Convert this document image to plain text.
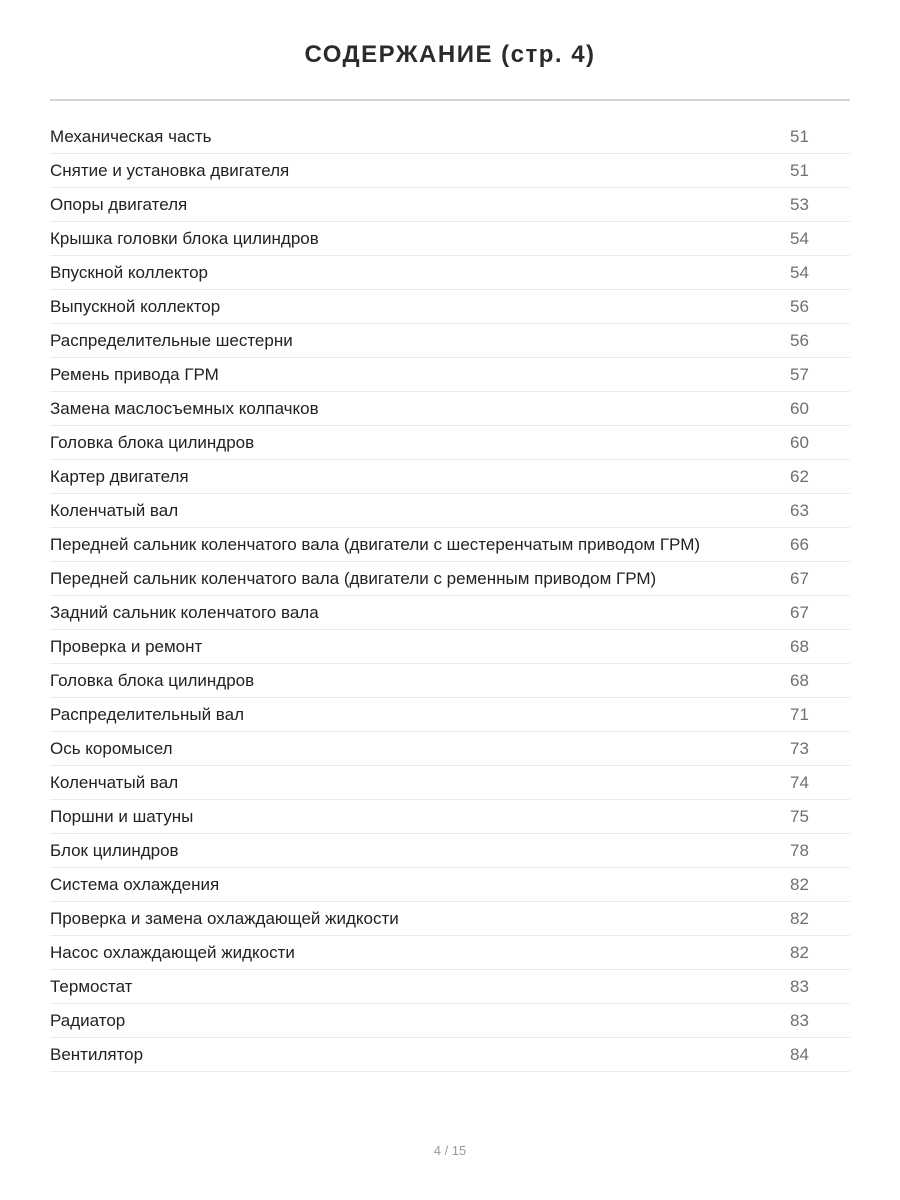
СОДЕРЖАНИЕ (стр. 4)
Механическая часть	51
Снятие и установка двигателя	51
Опоры двигателя	53
Крышка головки блока цилиндров	54
Впускной коллектор	54
Выпускной коллектор	56
Распределительные шестерни	56
Ремень привода ГРМ	57
Замена маслосъемных колпачков	60
Головка блока цилиндров	60
Картер двигателя	62
Коленчатый вал	63
Передней сальник коленчатого вала (двигатели с шестеренчатым приводом ГРМ)	66
Передней сальник коленчатого вала (двигатели с ременным приводом ГРМ)	67
Задний сальник коленчатого вала	67
Проверка и ремонт	68
Головка блока цилиндров	68
Распределительный вал	71
Ось коромысел	73
Коленчатый вал	74
Поршни и шатуны	75
Блок цилиндров	78
Система охлаждения	82
Проверка и замена охлаждающей жидкости	82
Насос охлаждающей жидкости	82
Термостат	83
Радиатор	83
Вентилятор	84
4 / 15
